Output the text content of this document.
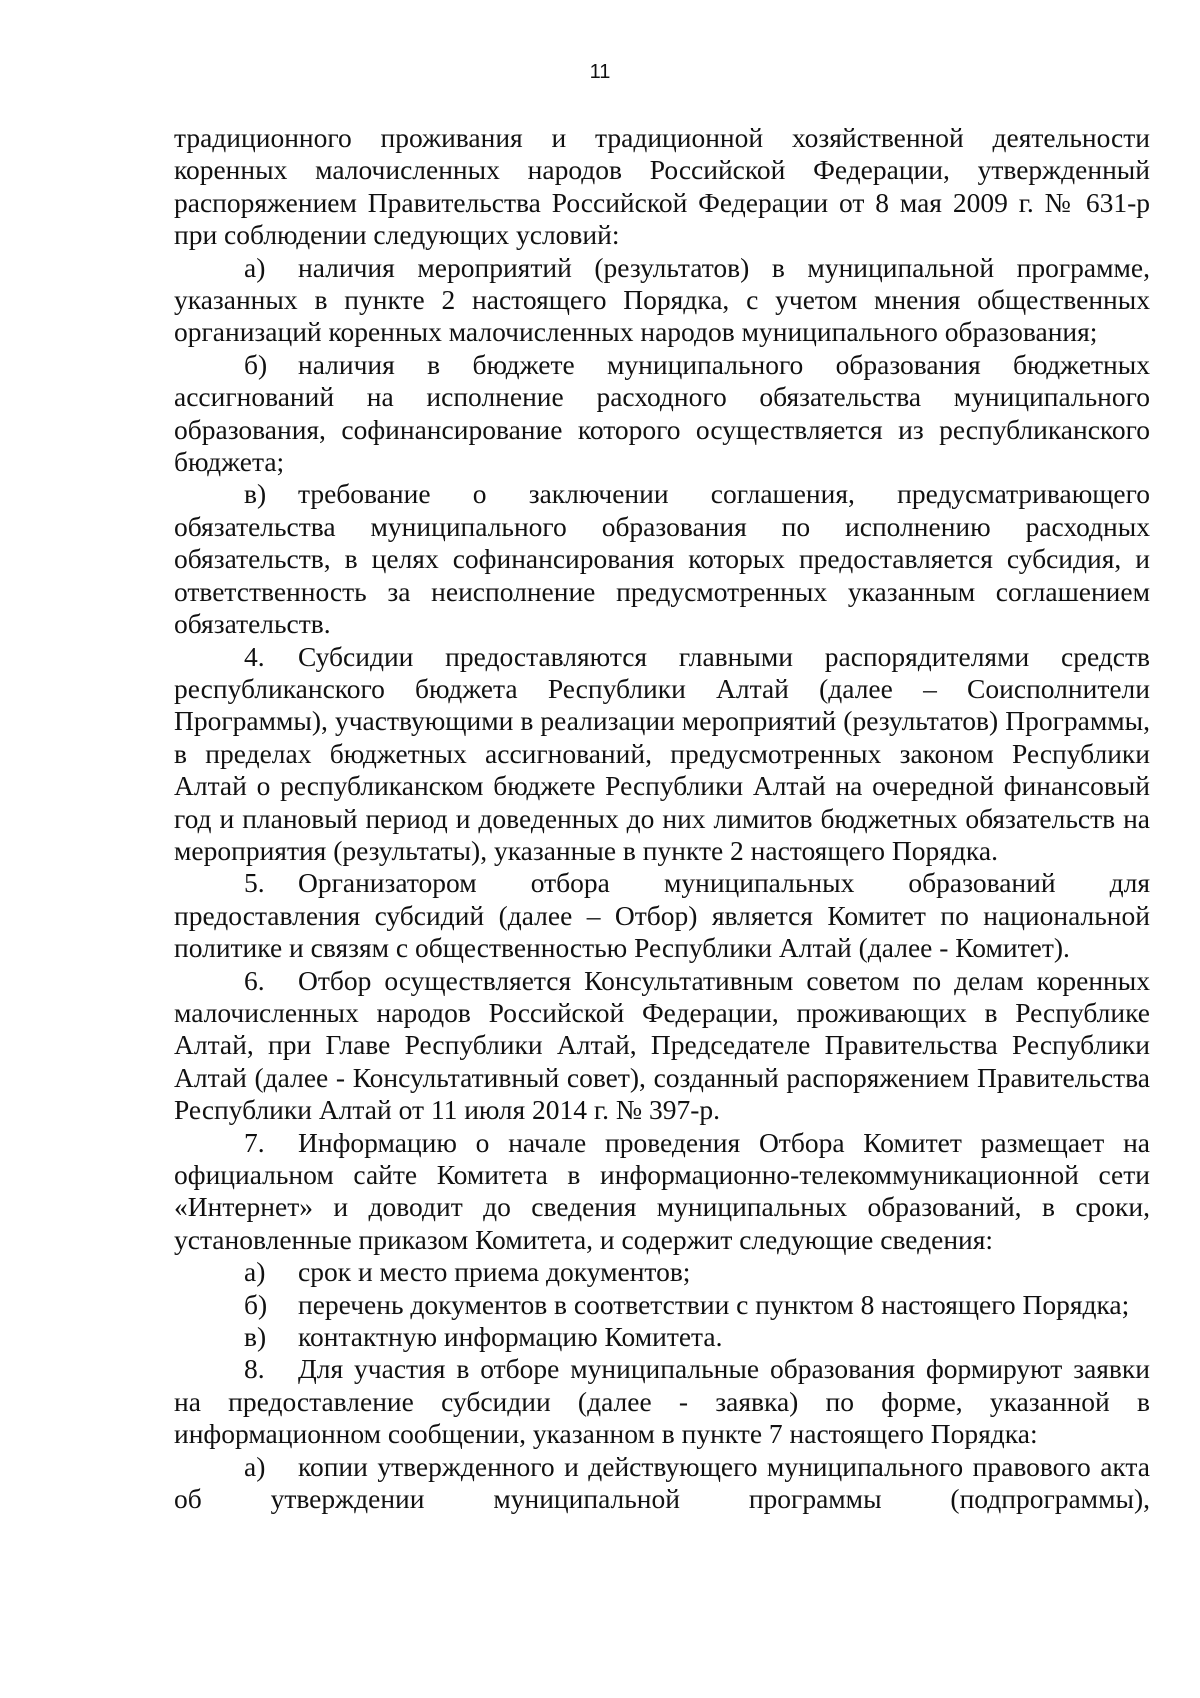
11

традиционного проживания и традиционной хозяйственной деятельности коренных малочисленных народов Российской Федерации, утвержденный распоряжением Правительства Российской Федерации от 8 мая 2009 г. № 631-р при соблюдении следующих условий:

а) наличия мероприятий (результатов) в муниципальной программе, указанных в пункте 2 настоящего Порядка, с учетом мнения общественных организаций коренных малочисленных народов муниципального образования;

б) наличия в бюджете муниципального образования бюджетных ассигнований на исполнение расходного обязательства муниципального образования, софинансирование которого осуществляется из республиканского бюджета;

в) требование о заключении соглашения, предусматривающего обязательства муниципального образования по исполнению расходных обязательств, в целях софинансирования которых предоставляется субсидия, и ответственность за неисполнение предусмотренных указанным соглашением обязательств.

4. Субсидии предоставляются главными распорядителями средств республиканского бюджета Республики Алтай (далее – Соисполнители Программы), участвующими в реализации мероприятий (результатов) Программы, в пределах бюджетных ассигнований, предусмотренных законом Республики Алтай о республиканском бюджете Республики Алтай на очередной финансовый год и плановый период и доведенных до них лимитов бюджетных обязательств на мероприятия (результаты), указанные в пункте 2 настоящего Порядка.

5. Организатором отбора муниципальных образований для предоставления субсидий (далее – Отбор) является Комитет по национальной политике и связям с общественностью Республики Алтай (далее - Комитет).

6. Отбор осуществляется Консультативным советом по делам коренных малочисленных народов Российской Федерации, проживающих в Республике Алтай, при Главе Республики Алтай, Председателе Правительства Республики Алтай (далее - Консультативный совет), созданный распоряжением Правительства Республики Алтай от 11 июля 2014 г. № 397-р.

7. Информацию о начале проведения Отбора Комитет размещает на официальном сайте Комитета в информационно-телекоммуникационной сети «Интернет» и доводит до сведения муниципальных образований, в сроки, установленные приказом Комитета, и содержит следующие сведения:

а) срок и место приема документов;

б) перечень документов в соответствии с пунктом 8 настоящего Порядка;

в) контактную информацию Комитета.

8. Для участия в отборе муниципальные образования формируют заявки на предоставление субсидии (далее - заявка) по форме, указанной в информационном сообщении, указанном в пункте 7 настоящего Порядка:

а) копии утвержденного и действующего муниципального правового акта об утверждении муниципальной программы (подпрограммы),
